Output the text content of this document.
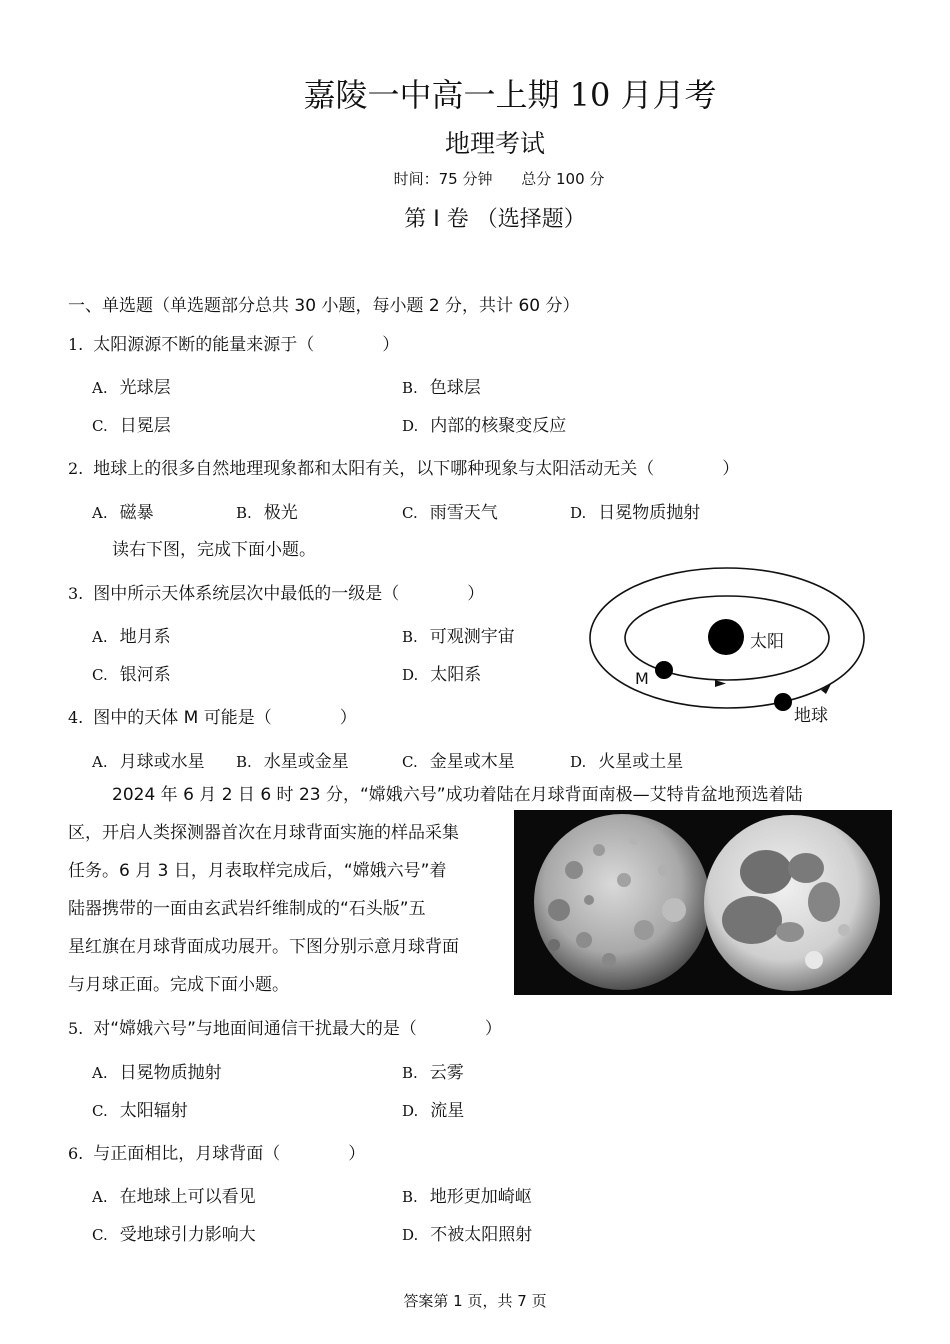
嘉陵一中高一上期 10 月月考
地理考试
时间：75 分钟 总分 100 分
第 Ⅰ 卷 （选择题）
一、单选题（单选题部分总共 30 小题，每小题 2 分，共计 60 分）
1. 太阳源源不断的能量来源于（　　　　）
A. 光球层	B. 色球层
C. 日冕层	D. 内部的核聚变反应
2. 地球上的很多自然地理现象都和太阳有关，以下哪种现象与太阳活动无关（　　　　）
A. 磁暴	B. 极光	C. 雨雪天气	D. 日冕物质抛射
读右下图，完成下面小题。
3. 图中所示天体系统层次中最低的一级是（　　　　）
A. 地月系	B. 可观测宇宙
C. 银河系	D. 太阳系
太阳
M
地球
4. 图中的天体 M 可能是（　　　　）
A. 月球或水星 B. 水星或金星	C. 金星或木星	D. 火星或土星
2024 年 6 月 2 日 6 时 23 分，“嫦娥六号”成功着陆在月球背面南极—艾特肯盆地预选着陆
区，开启人类探测器首次在月球背面实施的样品采集
任务。6 月 3 日，月表取样完成后，“嫦娥六号”着
陆器携带的一面由玄武岩纤维制成的“石头版”五
星红旗在月球背面成功展开。下图分别示意月球背面
与月球正面。完成下面小题。
5. 对“嫦娥六号”与地面间通信干扰最大的是（　　　　）
A. 日冕物质抛射	B. 云雾
C. 太阳辐射	D. 流星
6. 与正面相比，月球背面（　　　　）
A. 在地球上可以看见	B. 地形更加崎岖
C. 受地球引力影响大	D. 不被太阳照射
答案第 1 页，共 7 页
